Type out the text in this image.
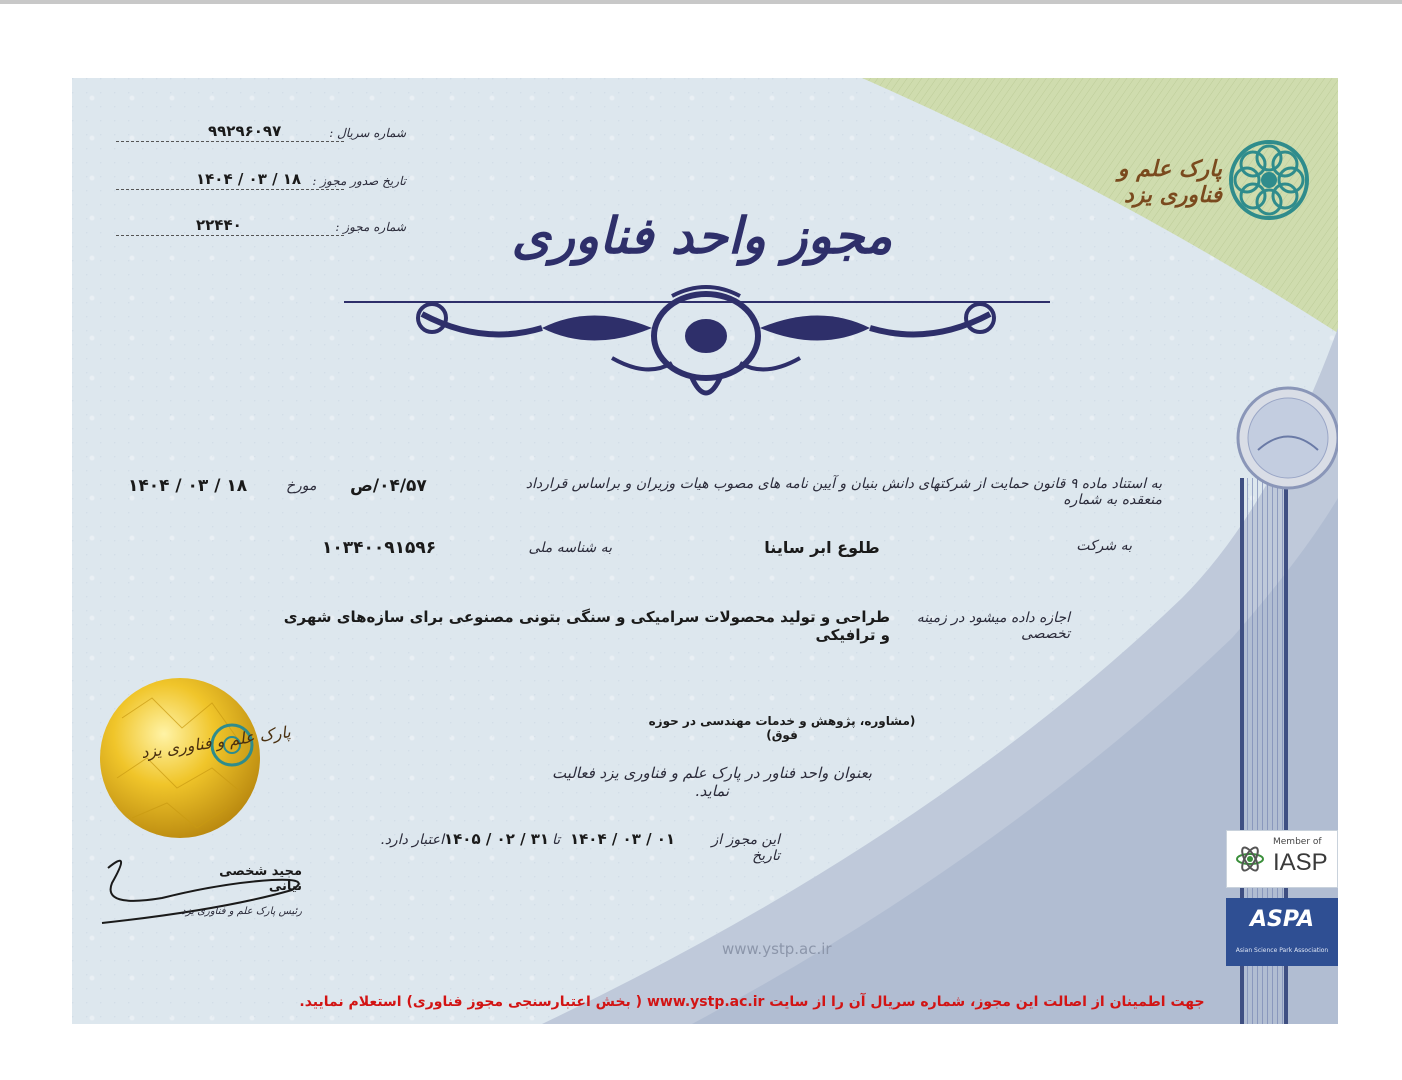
پارک علم و فناوری یزد
۹۹۲۹۶۰۹۷	شماره سریال :
۱۴۰۴ / ۰۳ / ۱۸ تاریخ صدور مجوز :
۲۲۴۴۰	شماره مجوز :
پارک علم و فناوری یزد
مجوز واحد فناوری
به استناد ماده ۹ قانون حمایت از شرکتهای دانش بنیان و آیین نامه های مصوب هیات وزیران و براساس قرارداد منعقده به شماره
۰۴/۵۷/ص
مورخ
۱۴۰۴ / ۰۳ / ۱۸
به شرکت
طلوع ابر ساینا
به شناسه ملی
۱۰۳۴۰۰۹۱۵۹۶
اجازه داده میشود در زمینه تخصصی
طراحی و تولید محصولات سرامیکی و سنگی بتونی مصنوعی برای سازه‌های شهری و ترافیکی
(مشاوره، پژوهش و خدمات مهندسی در حوزه فوق)
بعنوان واحد فناور در پارک علم و فناوری یزد فعالیت نماید.
این مجوز از تاریخ
۱۴۰۴ / ۰۳ / ۰۱
تا
۱۴۰۵ / ۰۲ / ۳۱
اعتبار دارد.
مجید شخصی نیانی
رئیس پارک علم و فناوری یزد
www.ystp.ac.ir
Member of
IASP
ASPA
Asian Science Park Association
جهت اطمینان از اصالت این مجوز، شماره سریال آن را از سایت www.ystp.ac.ir ( بخش اعتبارسنجی مجوز فناوری) استعلام نمایید.
